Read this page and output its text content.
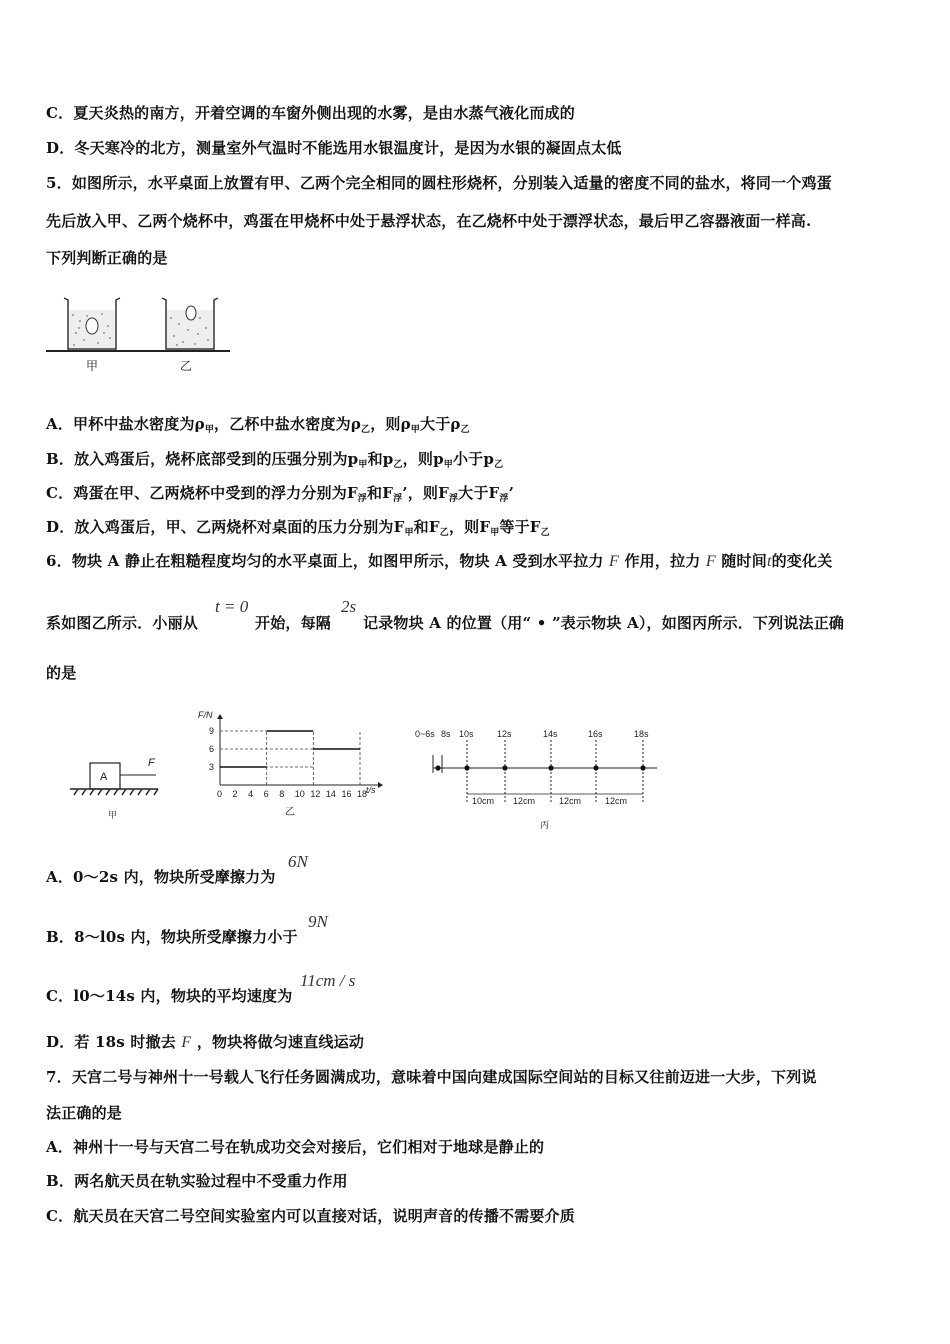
C．夏天炎热的南方，开着空调的车窗外侧出现的水雾，是由水蒸气液化而成的
D．冬天寒冷的北方，测量室外气温时不能选用水银温度计，是因为水银的凝固点太低
5．如图所示，水平桌面上放置有甲、乙两个完全相同的圆柱形烧杯，分别装入适量的密度不同的盐水，将同一个鸡蛋
先后放入甲、乙两个烧杯中，鸡蛋在甲烧杯中处于悬浮状态，在乙烧杯中处于漂浮状态，最后甲乙容器液面一样高.
下列判断正确的是
甲	乙
A．甲杯中盐水密度为$\rho_甲$，乙杯中盐水密度为$\rho_乙$，则$\rho_甲$大于$\rho_乙$
B．放入鸡蛋后，烧杯底部受到的压强分别为$p_甲$和$p_乙$，则$p_甲$小于$p_乙$
C．鸡蛋在甲、乙两烧杯中受到的浮力分别为$F_浮$和$F_浮$’，则$F_浮$大于$F_浮$’
D．放入鸡蛋后，甲、乙两烧杯对桌面的压力分别为$F_甲$和$F_乙$，则$F_甲$等于$F_乙$
6．物块 A 静止在粗糙程度均匀的水平桌面上，如图甲所示，物块 A 受到水平拉力 F 作用，拉力 F 随时间t的变化关
系如图乙所示．小丽从
t = 0
开始，每隔
2s
记录物块 A 的位置（用“ • ”表示物块 A），如图丙所示．下列说法正确
的是
A
F
甲
F/N
t/s
乙
3
6
9
0 2 4 6 8 10 12 14 16 18
0~6s 8s 10s	12s	14s	16s	18s
10cm 12cm	12cm	12cm
丙
A．0～2s 内，物块所受摩擦力为
6N
B．8～l0s 内，物块所受摩擦力小于
9N
C．l0～14s 内，物块的平均速度为
11cm / s
D．若 18s 时撤去 F ，物块将做匀速直线运动
7．天宫二号与神州十一号载人飞行任务圆满成功，意味着中国向建成国际空间站的目标又往前迈进一大步，下列说
法正确的是
A．神州十一号与天宫二号在轨成功交会对接后，它们相对于地球是静止的
B．两名航天员在轨实验过程中不受重力作用
C．航天员在天宫二号空间实验室内可以直接对话，说明声音的传播不需要介质
